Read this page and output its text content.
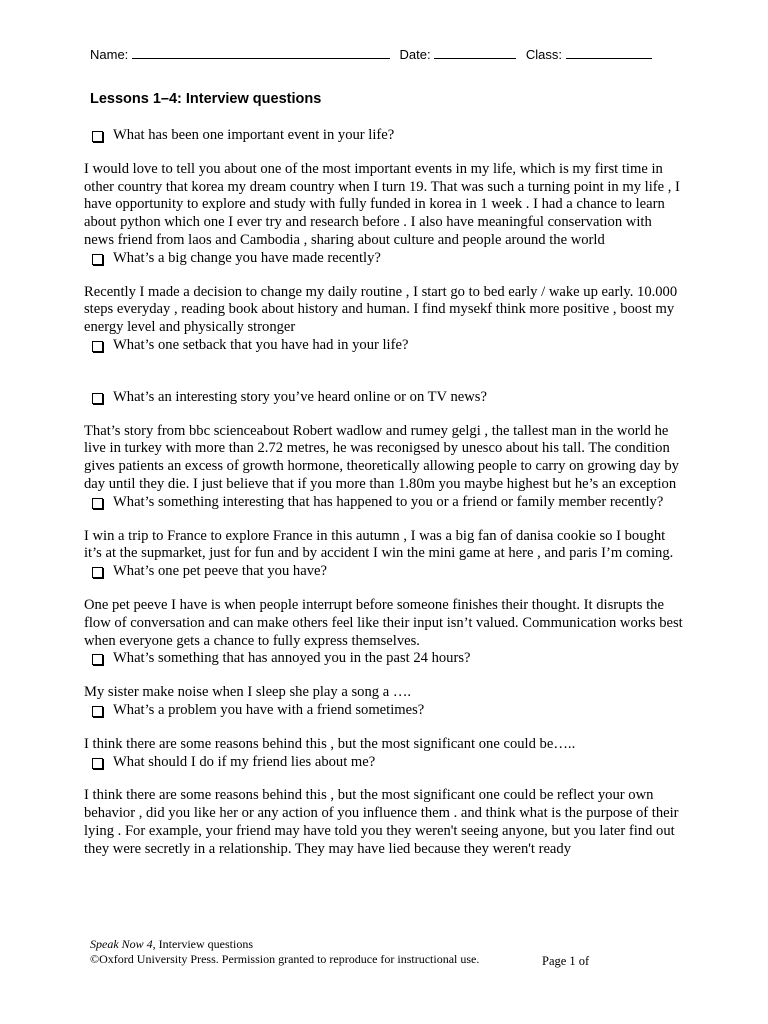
Name:	Date:	Class:
Lessons 1–4: Interview questions
What has been one important event in your life?

I would love to tell you about one of the most important events in my life, which is my first time in other country that korea my dream country when I turn 19. That was such a turning point in my life , I have opportunity to explore and study with fully funded in korea in 1 week . I had a chance to learn about python which one I ever try and research before . I also have meaningful conservation with news friend from laos and Cambodia , sharing about culture and people around the world

What’s a big change you have made recently?

Recently I made a decision to change my daily routine , I start go to bed early / wake up early. 10.000 steps everyday , reading book about history and human. I find mysekf think more positive , boost my energy level and physically stronger

What’s one setback that you have had in your life?
What’s an interesting story you’ve heard online or on TV news?

That’s story from bbc scienceabout Robert wadlow and rumey gelgi , the tallest man in the world he live in turkey with more than 2.72 metres, he was reconigsed by unesco about his tall. The condition gives patients an excess of growth hormone, theoretically allowing people to carry on growing day by day until they die. I just believe that if you more than 1.80m you maybe highest but he’s an exception

What’s something interesting that has happened to you or a friend or family member recently?

I win a trip to France to explore France in this autumn , I was a big fan of danisa cookie so I bought it’s at the supmarket, just for fun and by accident I win the mini game at here , and paris I’m coming.

What’s one pet peeve that you have?

One pet peeve I have is when people interrupt before someone finishes their thought. It disrupts the flow of conversation and can make others feel like their input isn’t valued. Communication works best when everyone gets a chance to fully express themselves.

What’s something that has annoyed you in the past 24 hours?

My sister make noise when I sleep she play a song a ….

What’s a problem you have with a friend sometimes?

I think there are some reasons behind this , but the most significant one could be…..

What should I do if my friend lies about me?

I think there are some reasons behind this , but the most significant one could be reflect your own behavior , did you like her or any action of you influence them . and think what is the purpose of their lying . For example, your friend may have told you they weren't seeing anyone, but you later find out they were secretly in a relationship. They may have lied because they weren't ready

Speak Now 4, Interview questions
©Oxford University Press. Permission granted to reproduce for instructional use.	Page 1 of
